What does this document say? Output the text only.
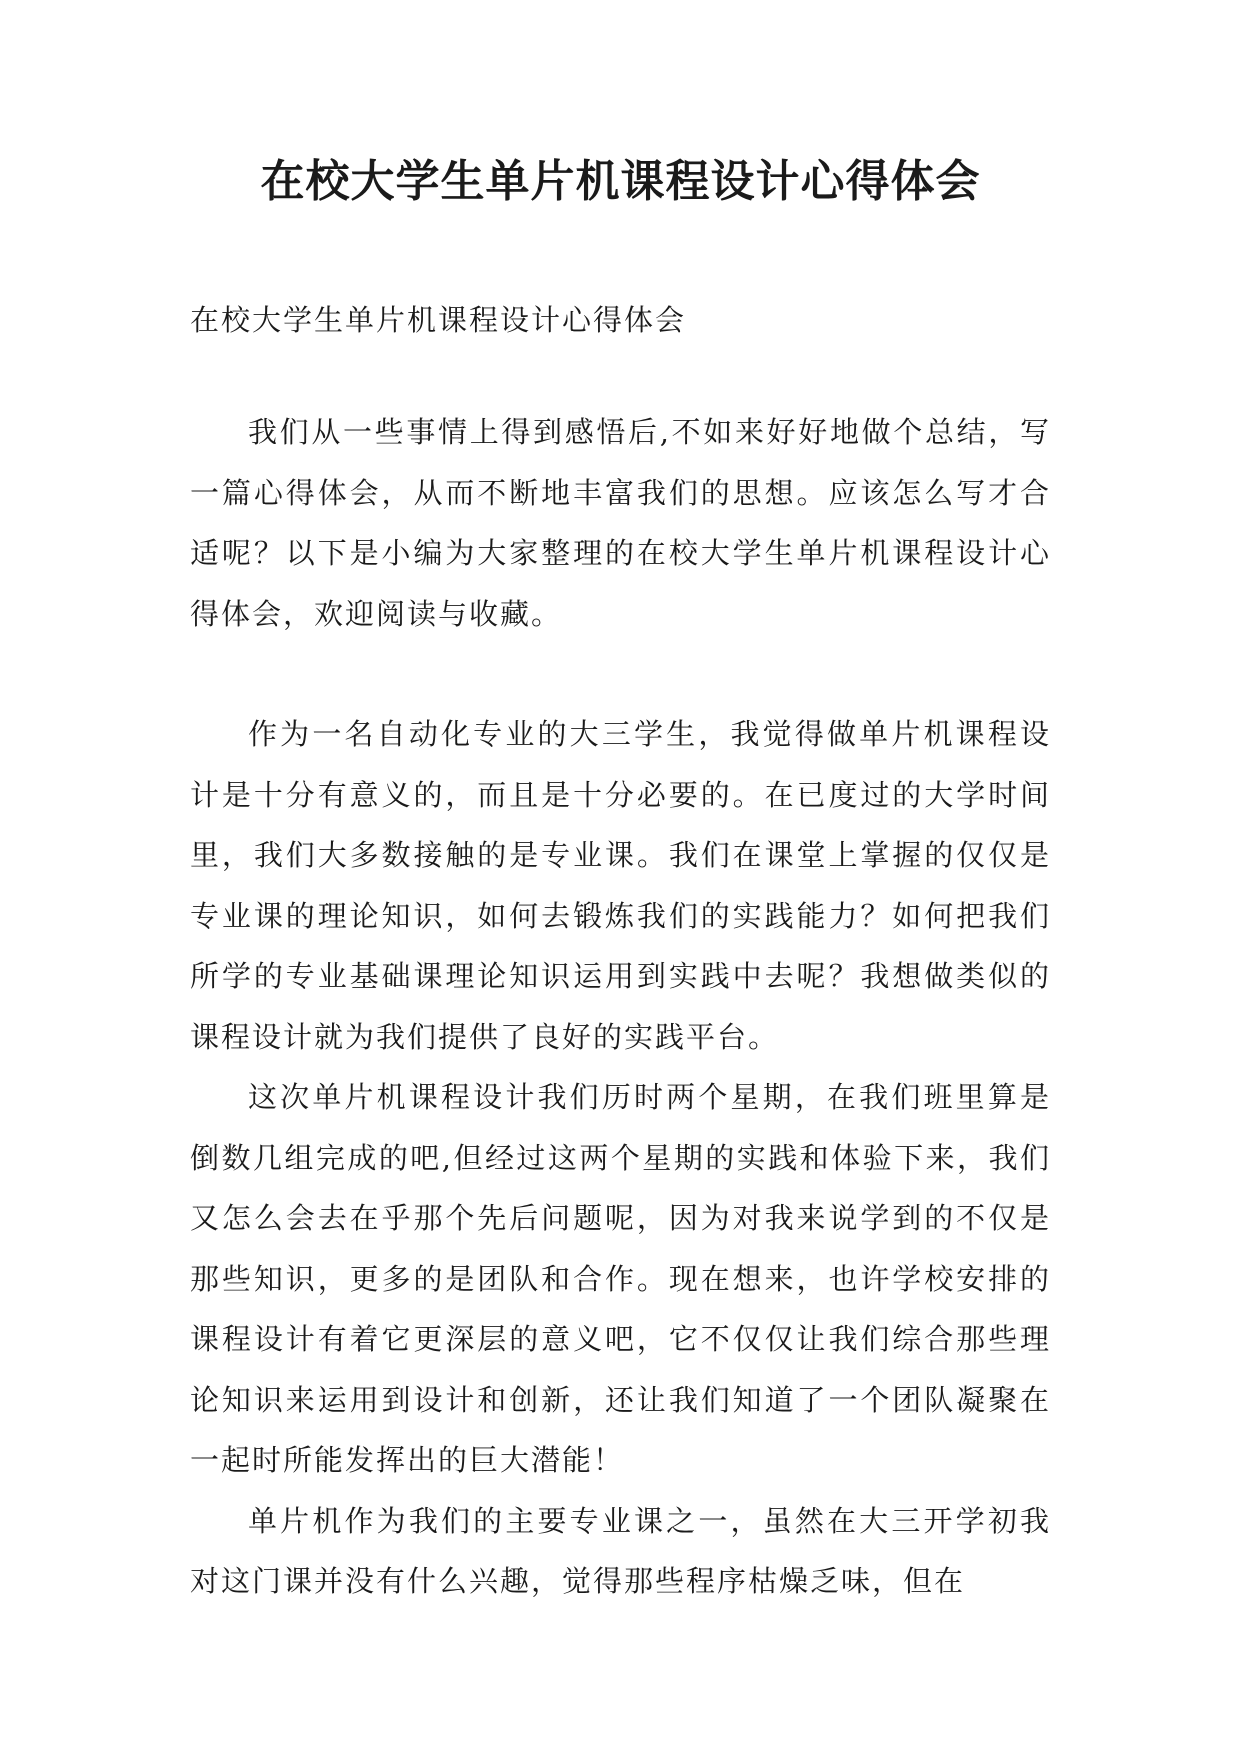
在校大学生单片机课程设计心得体会

在校大学生单片机课程设计心得体会

我们从一些事情上得到感悟后,不如来好好地做个总结，写一篇心得体会，从而不断地丰富我们的思想。应该怎么写才合适呢？以下是小编为大家整理的在校大学生单片机课程设计心得体会，欢迎阅读与收藏。

作为一名自动化专业的大三学生，我觉得做单片机课程设计是十分有意义的，而且是十分必要的。在已度过的大学时间里，我们大多数接触的是专业课。我们在课堂上掌握的仅仅是专业课的理论知识，如何去锻炼我们的实践能力？如何把我们所学的专业基础课理论知识运用到实践中去呢？我想做类似的课程设计就为我们提供了良好的实践平台。

这次单片机课程设计我们历时两个星期，在我们班里算是倒数几组完成的吧,但经过这两个星期的实践和体验下来，我们又怎么会去在乎那个先后问题呢，因为对我来说学到的不仅是那些知识，更多的是团队和合作。现在想来，也许学校安排的课程设计有着它更深层的意义吧，它不仅仅让我们综合那些理论知识来运用到设计和创新，还让我们知道了一个团队凝聚在一起时所能发挥出的巨大潜能！

单片机作为我们的主要专业课之一，虽然在大三开学初我对这门课并没有什么兴趣，觉得那些程序枯燥乏味，但在
